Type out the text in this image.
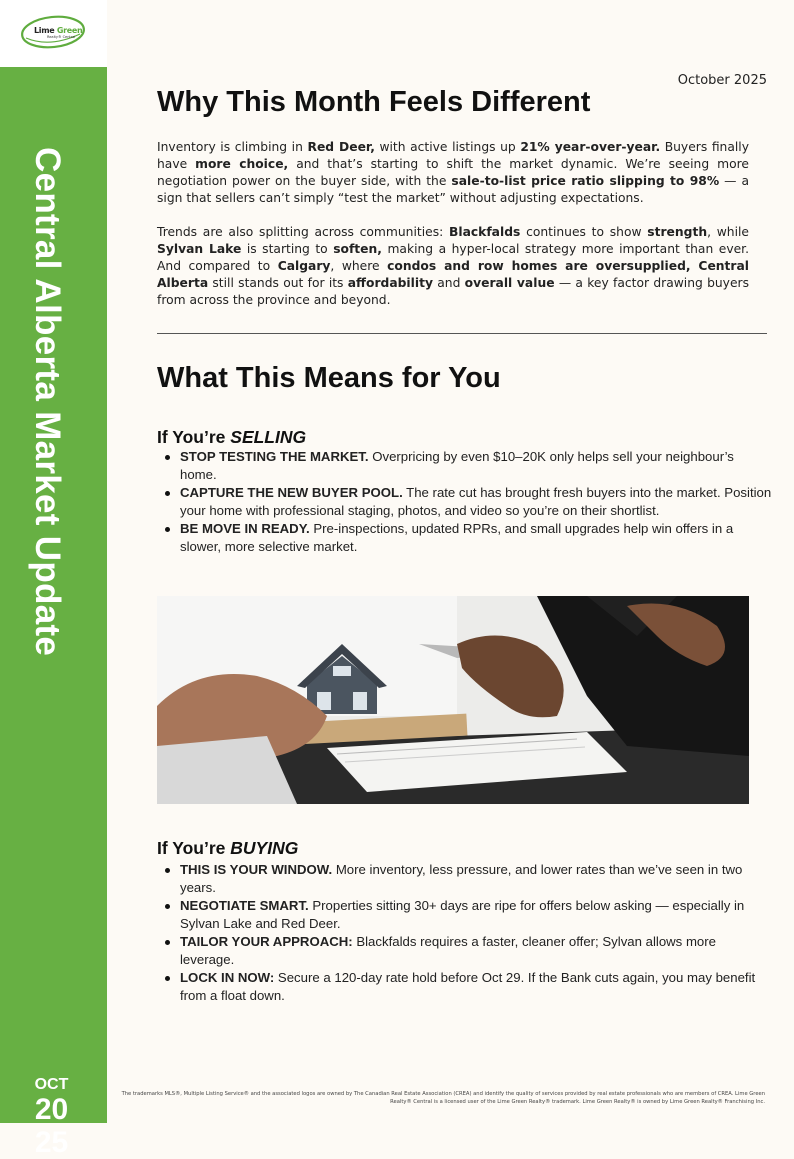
Lime Green
Realty® Central
Central Alberta Market Update
OCT
20
25
October 2025
Why This Month Feels Different

Inventory is climbing in Red Deer, with active listings up 21% year-over-year. Buyers finally have more choice, and that’s starting to shift the market dynamic. We’re seeing more negotiation power on the buyer side, with the sale-to-list price ratio slipping to 98% — a sign that sellers can’t simply “test the market” without adjusting expectations.

Trends are also splitting across communities: Blackfalds continues to show strength, while Sylvan Lake is starting to soften, making a hyper-local strategy more important than ever. And compared to Calgary, where condos and row homes are oversupplied, Central Alberta still stands out for its affordability and overall value — a key factor drawing buyers from across the province and beyond.

What This Means for You
If You’re SELLING
STOP TESTING THE MARKET. Overpricing by even $10–20K only helps sell your neighbour’s home.
CAPTURE THE NEW BUYER POOL. The rate cut has brought fresh buyers into the market. Position your home with professional staging, photos, and video so you’re on their shortlist.
BE MOVE IN READY. Pre-inspections, updated RPRs, and small upgrades help win offers in a slower, more selective market.
If You’re BUYING
THIS IS YOUR WINDOW. More inventory, less pressure, and lower rates than we’ve seen in two years.
NEGOTIATE SMART. Properties sitting 30+ days are ripe for offers below asking — especially in Sylvan Lake and Red Deer.
TAILOR YOUR APPROACH: Blackfalds requires a faster, cleaner offer; Sylvan allows more leverage.
LOCK IN NOW: Secure a 120-day rate hold before Oct 29. If the Bank cuts again, you may benefit from a float down.
The trademarks MLS®, Multiple Listing Service® and the associated logos are owned by The Canadian Real Estate Association (CREA) and identify the quality of services provided by real estate professionals who are members of CREA. Lime Green Realty® Central is a licensed user of the Lime Green Realty® trademark. Lime Green Realty® is owned by Lime Green Realty® Franchising Inc.
